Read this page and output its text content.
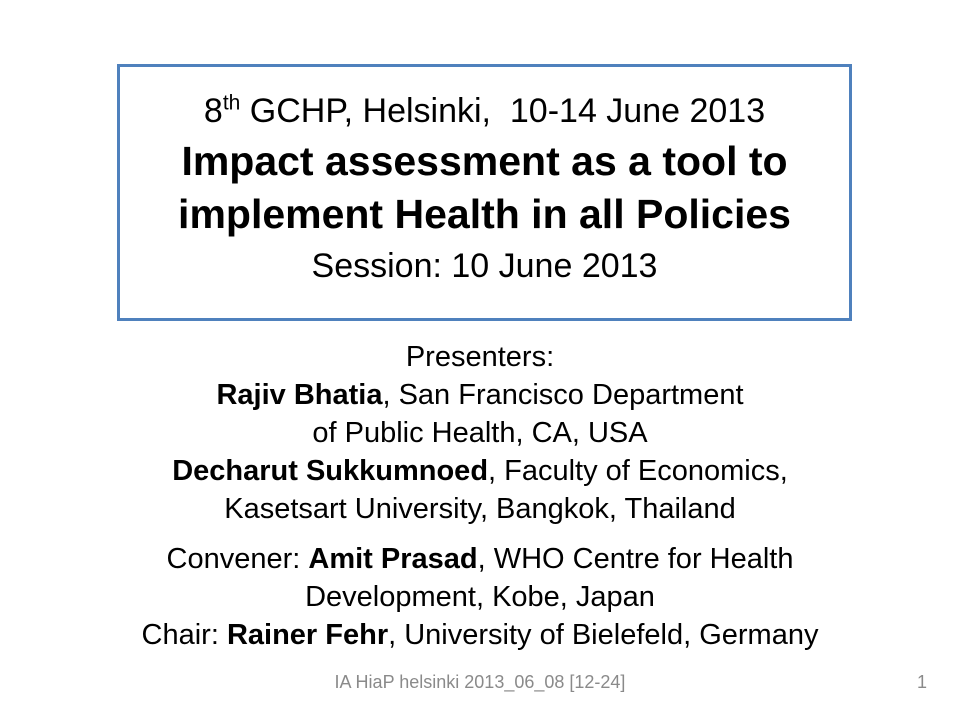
8th GCHP, Helsinki,  10-14 June 2013
Impact assessment as a tool to
implement Health in all Policies
Session: 10 June 2013
Presenters:
Rajiv Bhatia, San Francisco Department
of Public Health, CA, USA
Decharut Sukkumnoed, Faculty of Economics,
Kasetsart University, Bangkok, Thailand
Convener: Amit Prasad, WHO Centre for Health
Development, Kobe, Japan
Chair: Rainer Fehr, University of Bielefeld, Germany
IA HiaP helsinki 2013_06_08 [12-24]	1
